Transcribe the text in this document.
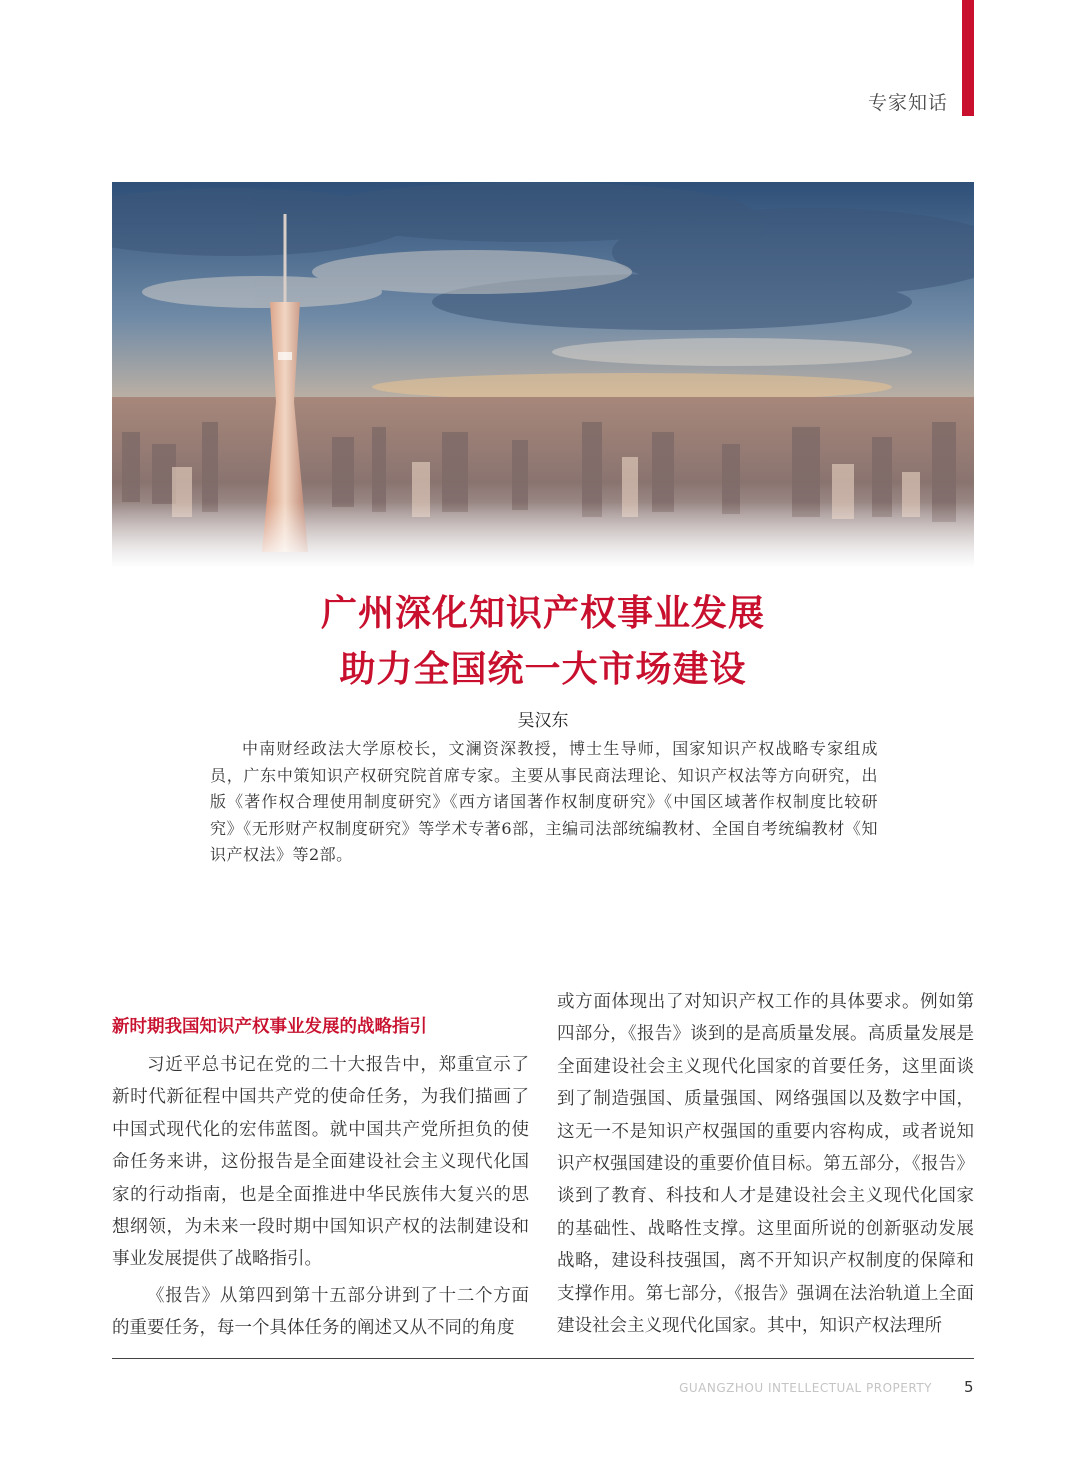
专家知话
广州深化知识产权事业发展
助力全国统一大市场建设
吴汉东
中南财经政法大学原校长，文澜资深教授，博士生导师，国家知识产权战略专家组成员，广东中策知识产权研究院首席专家。主要从事民商法理论、知识产权法等方向研究，出版《著作权合理使用制度研究》《西方诸国著作权制度研究》《中国区域著作权制度比较研究》《无形财产权制度研究》等学术专著6部，主编司法部统编教材、全国自考统编教材《知识产权法》等2部。

新时期我国知识产权事业发展的战略指引

习近平总书记在党的二十大报告中，郑重宣示了新时代新征程中国共产党的使命任务，为我们描画了中国式现代化的宏伟蓝图。就中国共产党所担负的使命任务来讲，这份报告是全面建设社会主义现代化国家的行动指南，也是全面推进中华民族伟大复兴的思想纲领，为未来一段时期中国知识产权的法制建设和事业发展提供了战略指引。

《报告》从第四到第十五部分讲到了十二个方面的重要任务，每一个具体任务的阐述又从不同的角度

或方面体现出了对知识产权工作的具体要求。例如第四部分，《报告》谈到的是高质量发展。高质量发展是全面建设社会主义现代化国家的首要任务，这里面谈到了制造强国、质量强国、网络强国以及数字中国，这无一不是知识产权强国的重要内容构成，或者说知识产权强国建设的重要价值目标。第五部分，《报告》谈到了教育、科技和人才是建设社会主义现代化国家的基础性、战略性支撑。这里面所说的创新驱动发展战略，建设科技强国，离不开知识产权制度的保障和支撑作用。第七部分，《报告》强调在法治轨道上全面建设社会主义现代化国家。其中，知识产权法理所

GUANGZHOU INTELLECTUAL PROPERTY 5
